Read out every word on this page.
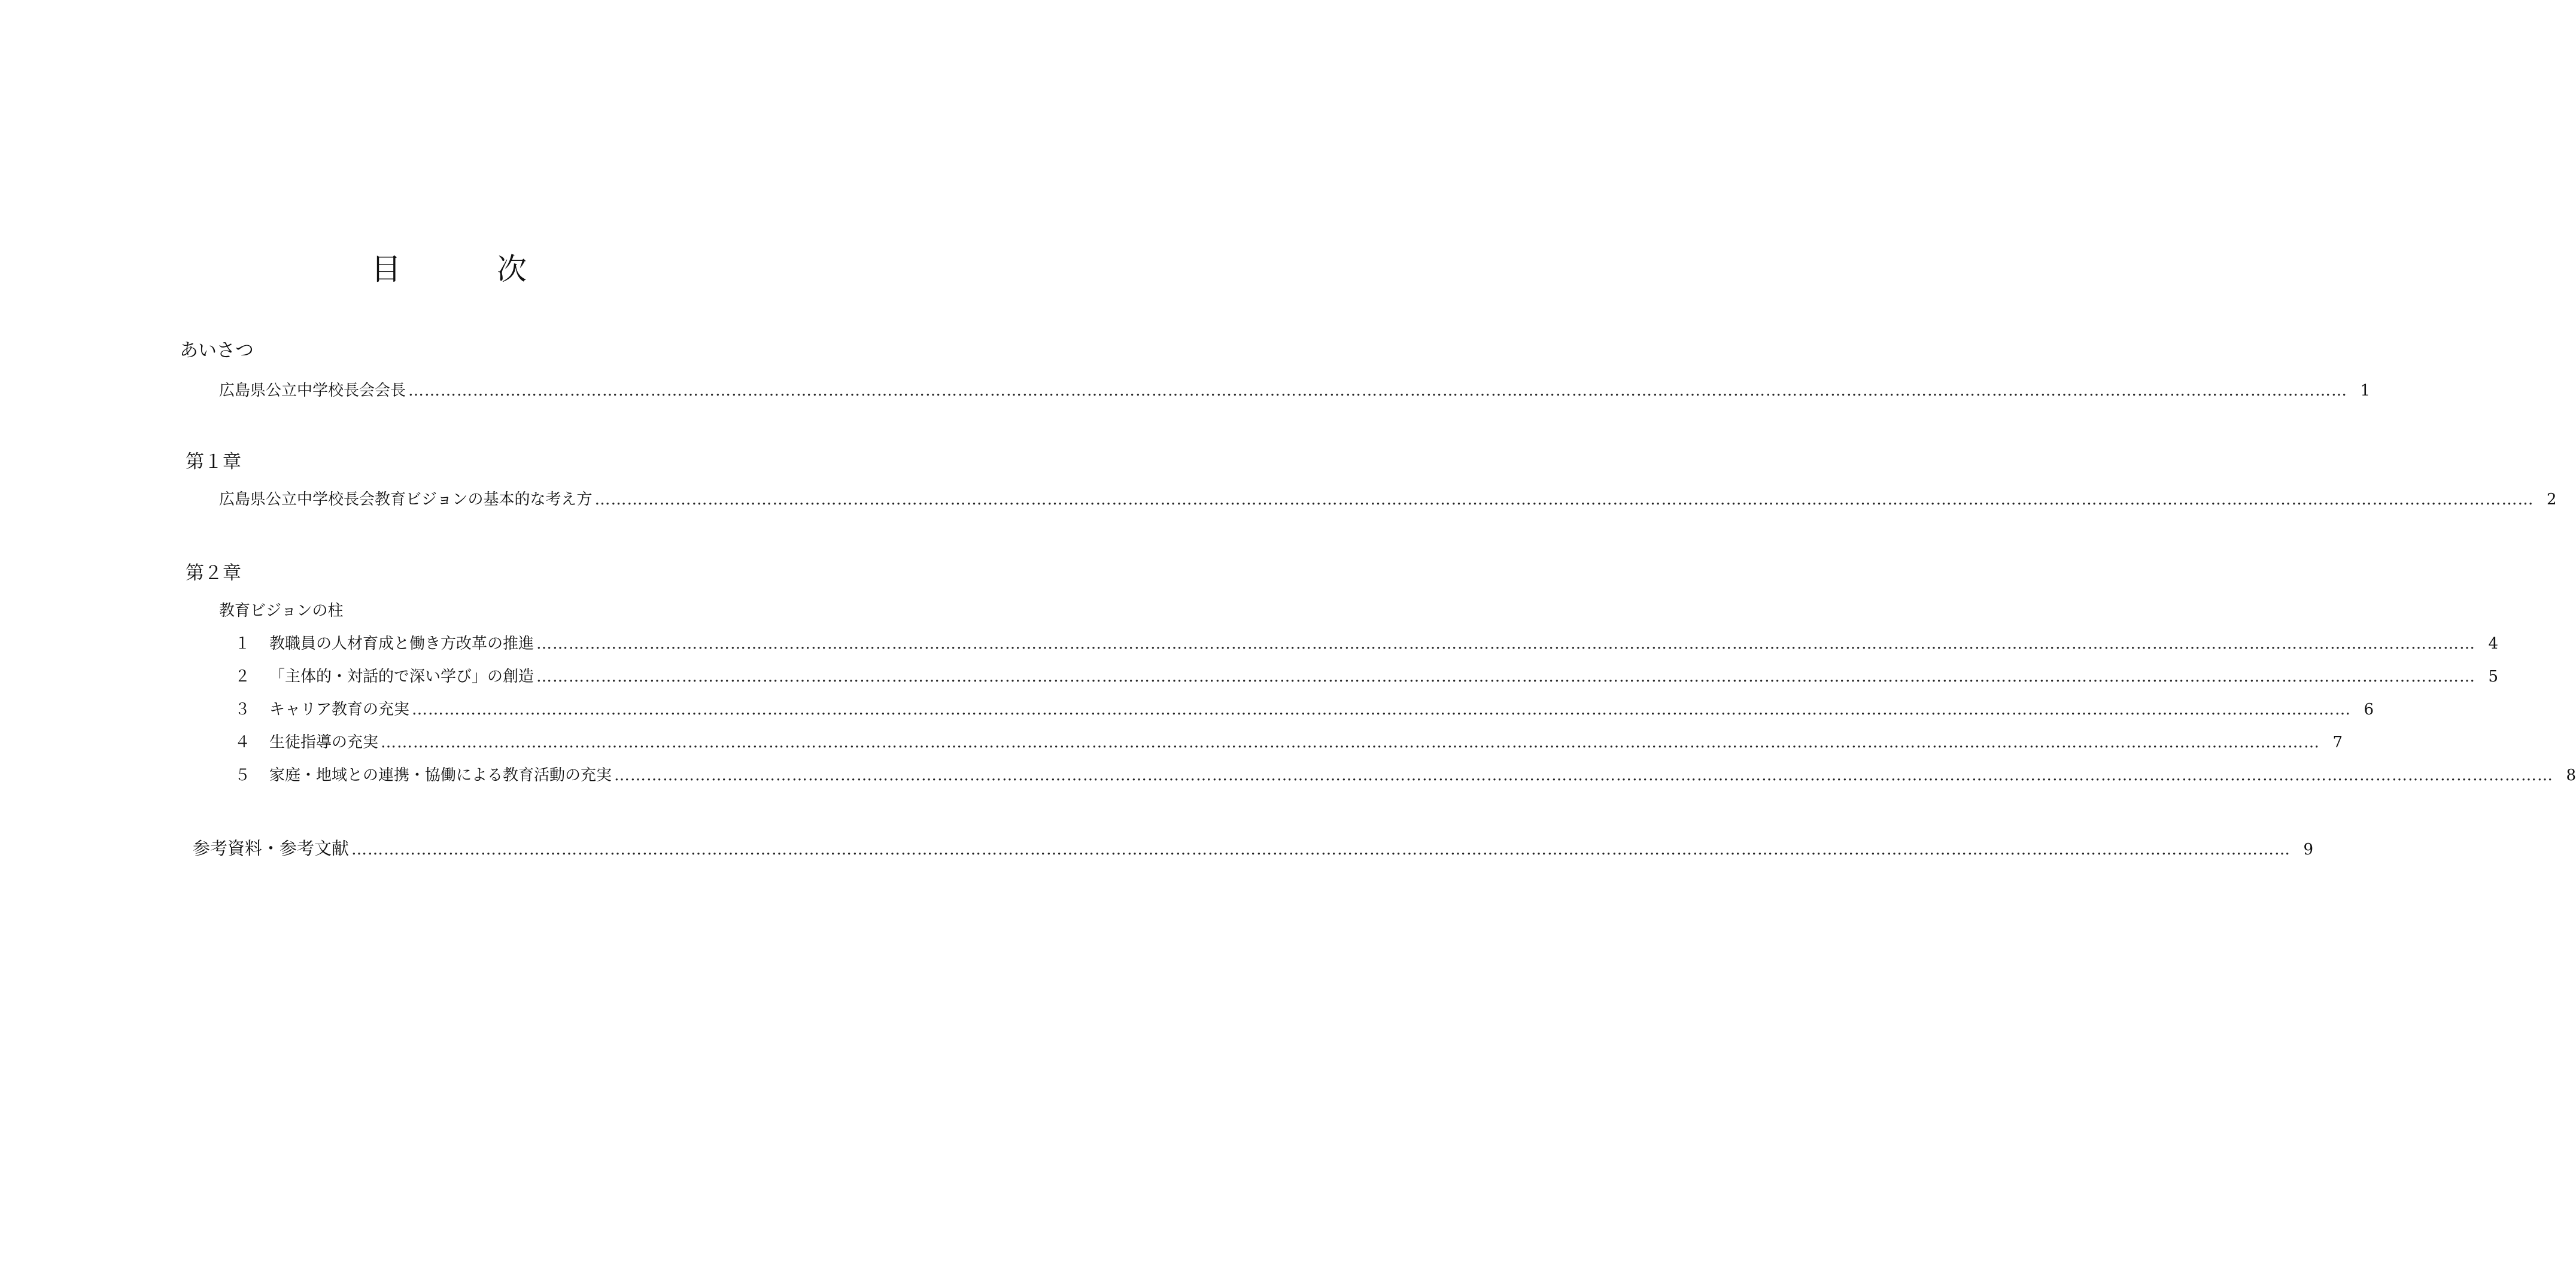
目	次
あいさつ
広島県公立中学校長会会長 ……………………………………………………………………………………………………………………………………………………………………………………………………………………………………………………………………………………………………………………………… 1
第１章
広島県公立中学校長会教育ビジョンの基本的な考え方 ……………………………………………………………………………………………………………………………………………………………………………………………………………………………………………………………………………………………………………………………… 2
第２章
教育ビジョンの柱
１	教職員の人材育成と働き方改革の推進 ……………………………………………………………………………………………………………………………………………………………………………………………………………………………………………………………………………………………………………………………… 4
２	「主体的・対話的で深い学び」の創造 ……………………………………………………………………………………………………………………………………………………………………………………………………………………………………………………………………………………………………………………………… 5
３	キャリア教育の充実 ……………………………………………………………………………………………………………………………………………………………………………………………………………………………………………………………………………………………………………………………… 6
４	生徒指導の充実 ……………………………………………………………………………………………………………………………………………………………………………………………………………………………………………………………………………………………………………………………… 7
５	家庭・地域との連携・協働による教育活動の充実 ……………………………………………………………………………………………………………………………………………………………………………………………………………………………………………………………………………………………………………………………… 8
参考資料・参考文献 ……………………………………………………………………………………………………………………………………………………………………………………………………………………………………………………………………………………………………………………………… 9
